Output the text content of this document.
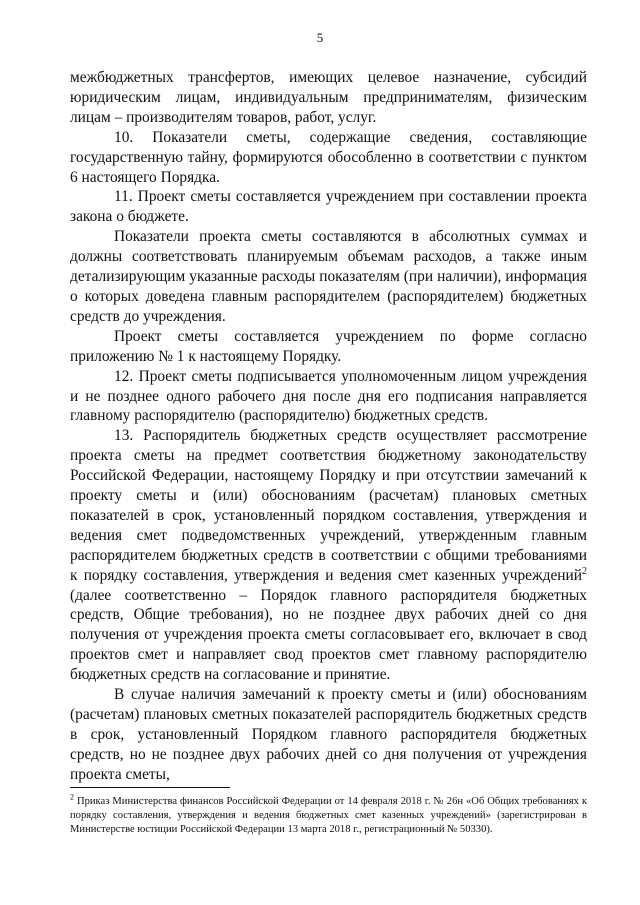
5

межбюджетных трансфертов, имеющих целевое назначение, субсидий юридическим лицам, индивидуальным предпринимателям, физическим лицам – производителям товаров, работ, услуг.

10. Показатели сметы, содержащие сведения, составляющие государственную тайну, формируются обособленно в соответствии с пунктом 6 настоящего Порядка.

11. Проект сметы составляется учреждением при составлении проекта закона о бюджете.

Показатели проекта сметы составляются в абсолютных суммах и должны соответствовать планируемым объемам расходов, а также иным детализирующим указанные расходы показателям (при наличии), информация о которых доведена главным распорядителем (распорядителем) бюджетных средств до учреждения.

Проект сметы составляется учреждением по форме согласно приложению № 1 к настоящему Порядку.

12. Проект сметы подписывается уполномоченным лицом учреждения и не позднее одного рабочего дня после дня его подписания направляется главному распорядителю (распорядителю) бюджетных средств.

13. Распорядитель бюджетных средств осуществляет рассмотрение проекта сметы на предмет соответствия бюджетному законодательству Российской Федерации, настоящему Порядку и при отсутствии замечаний к проекту сметы и (или) обоснованиям (расчетам) плановых сметных показателей в срок, установленный порядком составления, утверждения и ведения смет подведомственных учреждений, утвержденным главным распорядителем бюджетных средств в соответствии с общими требованиями к порядку составления, утверждения и ведения смет казенных учреждений$^2$ (далее соответственно – Порядок главного распорядителя бюджетных средств, Общие требования), но не позднее двух рабочих дней со дня получения от учреждения проекта сметы согласовывает его, включает в свод проектов смет и направляет свод проектов смет главному распорядителю бюджетных средств на согласование и принятие.

В случае наличия замечаний к проекту сметы и (или) обоснованиям (расчетам) плановых сметных показателей распорядитель бюджетных средств в срок, установленный Порядком главного распорядителя бюджетных средств, но не позднее двух рабочих дней со дня получения от учреждения проекта сметы,

$^2$ Приказ Министерства финансов Российской Федерации от 14 февраля 2018 г. № 26н «Об Общих требованиях к порядку составления, утверждения и ведения бюджетных смет казенных учреждений» (зарегистрирован в Министерстве юстиции Российской Федерации 13 марта 2018 г., регистрационный № 50330).
